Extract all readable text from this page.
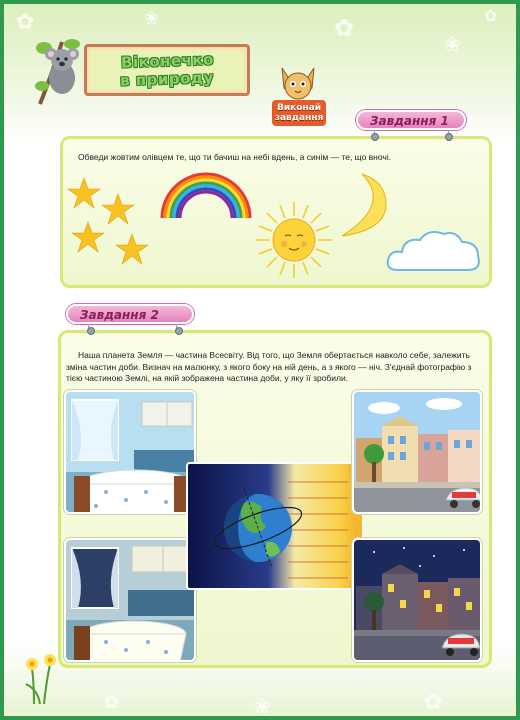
✿	❀	✿
❀
✿
✿	❀	✿
Віконечко
в природу
Виконай
завдання	Завдання 1
Обведи жовтим олівцем те, що ти бачиш на небі вдень, а синім — те, що вночі.
Завдання 2
Наша планета Земля — частина Всесвіту. Від того, що Земля обертається навколо себе, залежить зміна частин доби. Визнач на малюнку, з якого боку на ній день, а з якого — ніч. З'єднай фотографію з тією частиною Землі, на якій зображена частина доби, у яку її зробили.
